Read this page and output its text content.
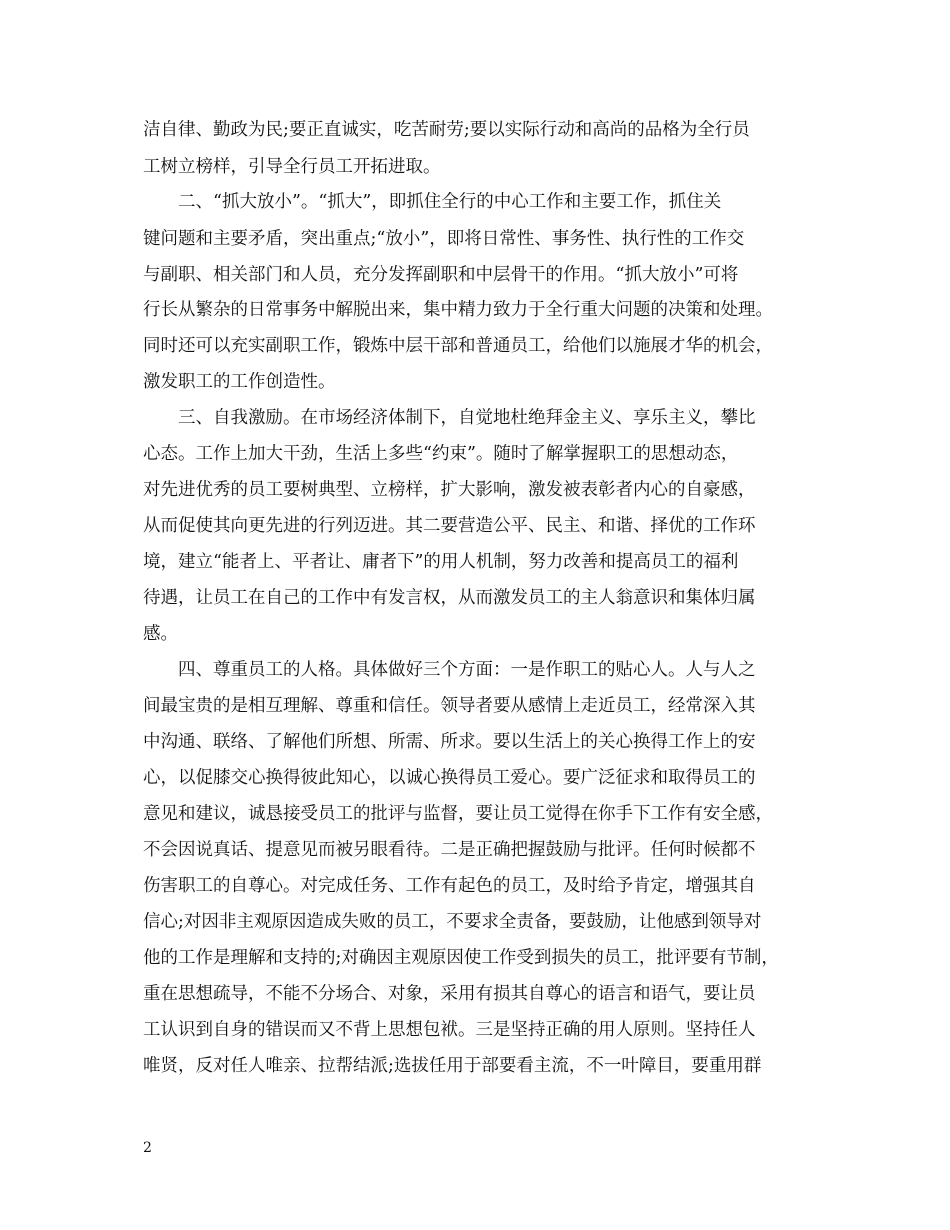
洁自律、勤政为民;要正直诚实，吃苦耐劳;要以实际行动和高尚的品格为全行员
工树立榜样，引导全行员工开拓进取。
　　二、“抓大放小”。“抓大”，即抓住全行的中心工作和主要工作，抓住关
键问题和主要矛盾，突出重点;“放小”，即将日常性、事务性、执行性的工作交
与副职、相关部门和人员，充分发挥副职和中层骨干的作用。“抓大放小”可将
行长从繁杂的日常事务中解脱出来，集中精力致力于全行重大问题的决策和处理。
同时还可以充实副职工作，锻炼中层干部和普通员工，给他们以施展才华的机会，
激发职工的工作创造性。
　　三、自我激励。在市场经济体制下，自觉地杜绝拜金主义、享乐主义，攀比
心态。工作上加大干劲，生活上多些“约束”。随时了解掌握职工的思想动态，
对先进优秀的员工要树典型、立榜样，扩大影响，激发被表彰者内心的自豪感，
从而促使其向更先进的行列迈进。其二要营造公平、民主、和谐、择优的工作环
境，建立“能者上、平者让、庸者下”的用人机制，努力改善和提高员工的福利
待遇，让员工在自己的工作中有发言权，从而激发员工的主人翁意识和集体归属
感。
　　四、尊重员工的人格。具体做好三个方面：一是作职工的贴心人。人与人之
间最宝贵的是相互理解、尊重和信任。领导者要从感情上走近员工，经常深入其
中沟通、联络、了解他们所想、所需、所求。要以生活上的关心换得工作上的安
心，以促膝交心换得彼此知心，以诚心换得员工爱心。要广泛征求和取得员工的
意见和建议，诚恳接受员工的批评与监督，要让员工觉得在你手下工作有安全感，
不会因说真话、提意见而被另眼看待。二是正确把握鼓励与批评。任何时候都不
伤害职工的自尊心。对完成任务、工作有起色的员工，及时给予肯定，增强其自
信心;对因非主观原因造成失败的员工，不要求全责备，要鼓励，让他感到领导对
他的工作是理解和支持的;对确因主观原因使工作受到损失的员工，批评要有节制，
重在思想疏导，不能不分场合、对象，采用有损其自尊心的语言和语气，要让员
工认识到自身的错误而又不背上思想包袱。三是坚持正确的用人原则。坚持任人
唯贤，反对任人唯亲、拉帮结派;选拔任用于部要看主流，不一叶障目，要重用群
2
